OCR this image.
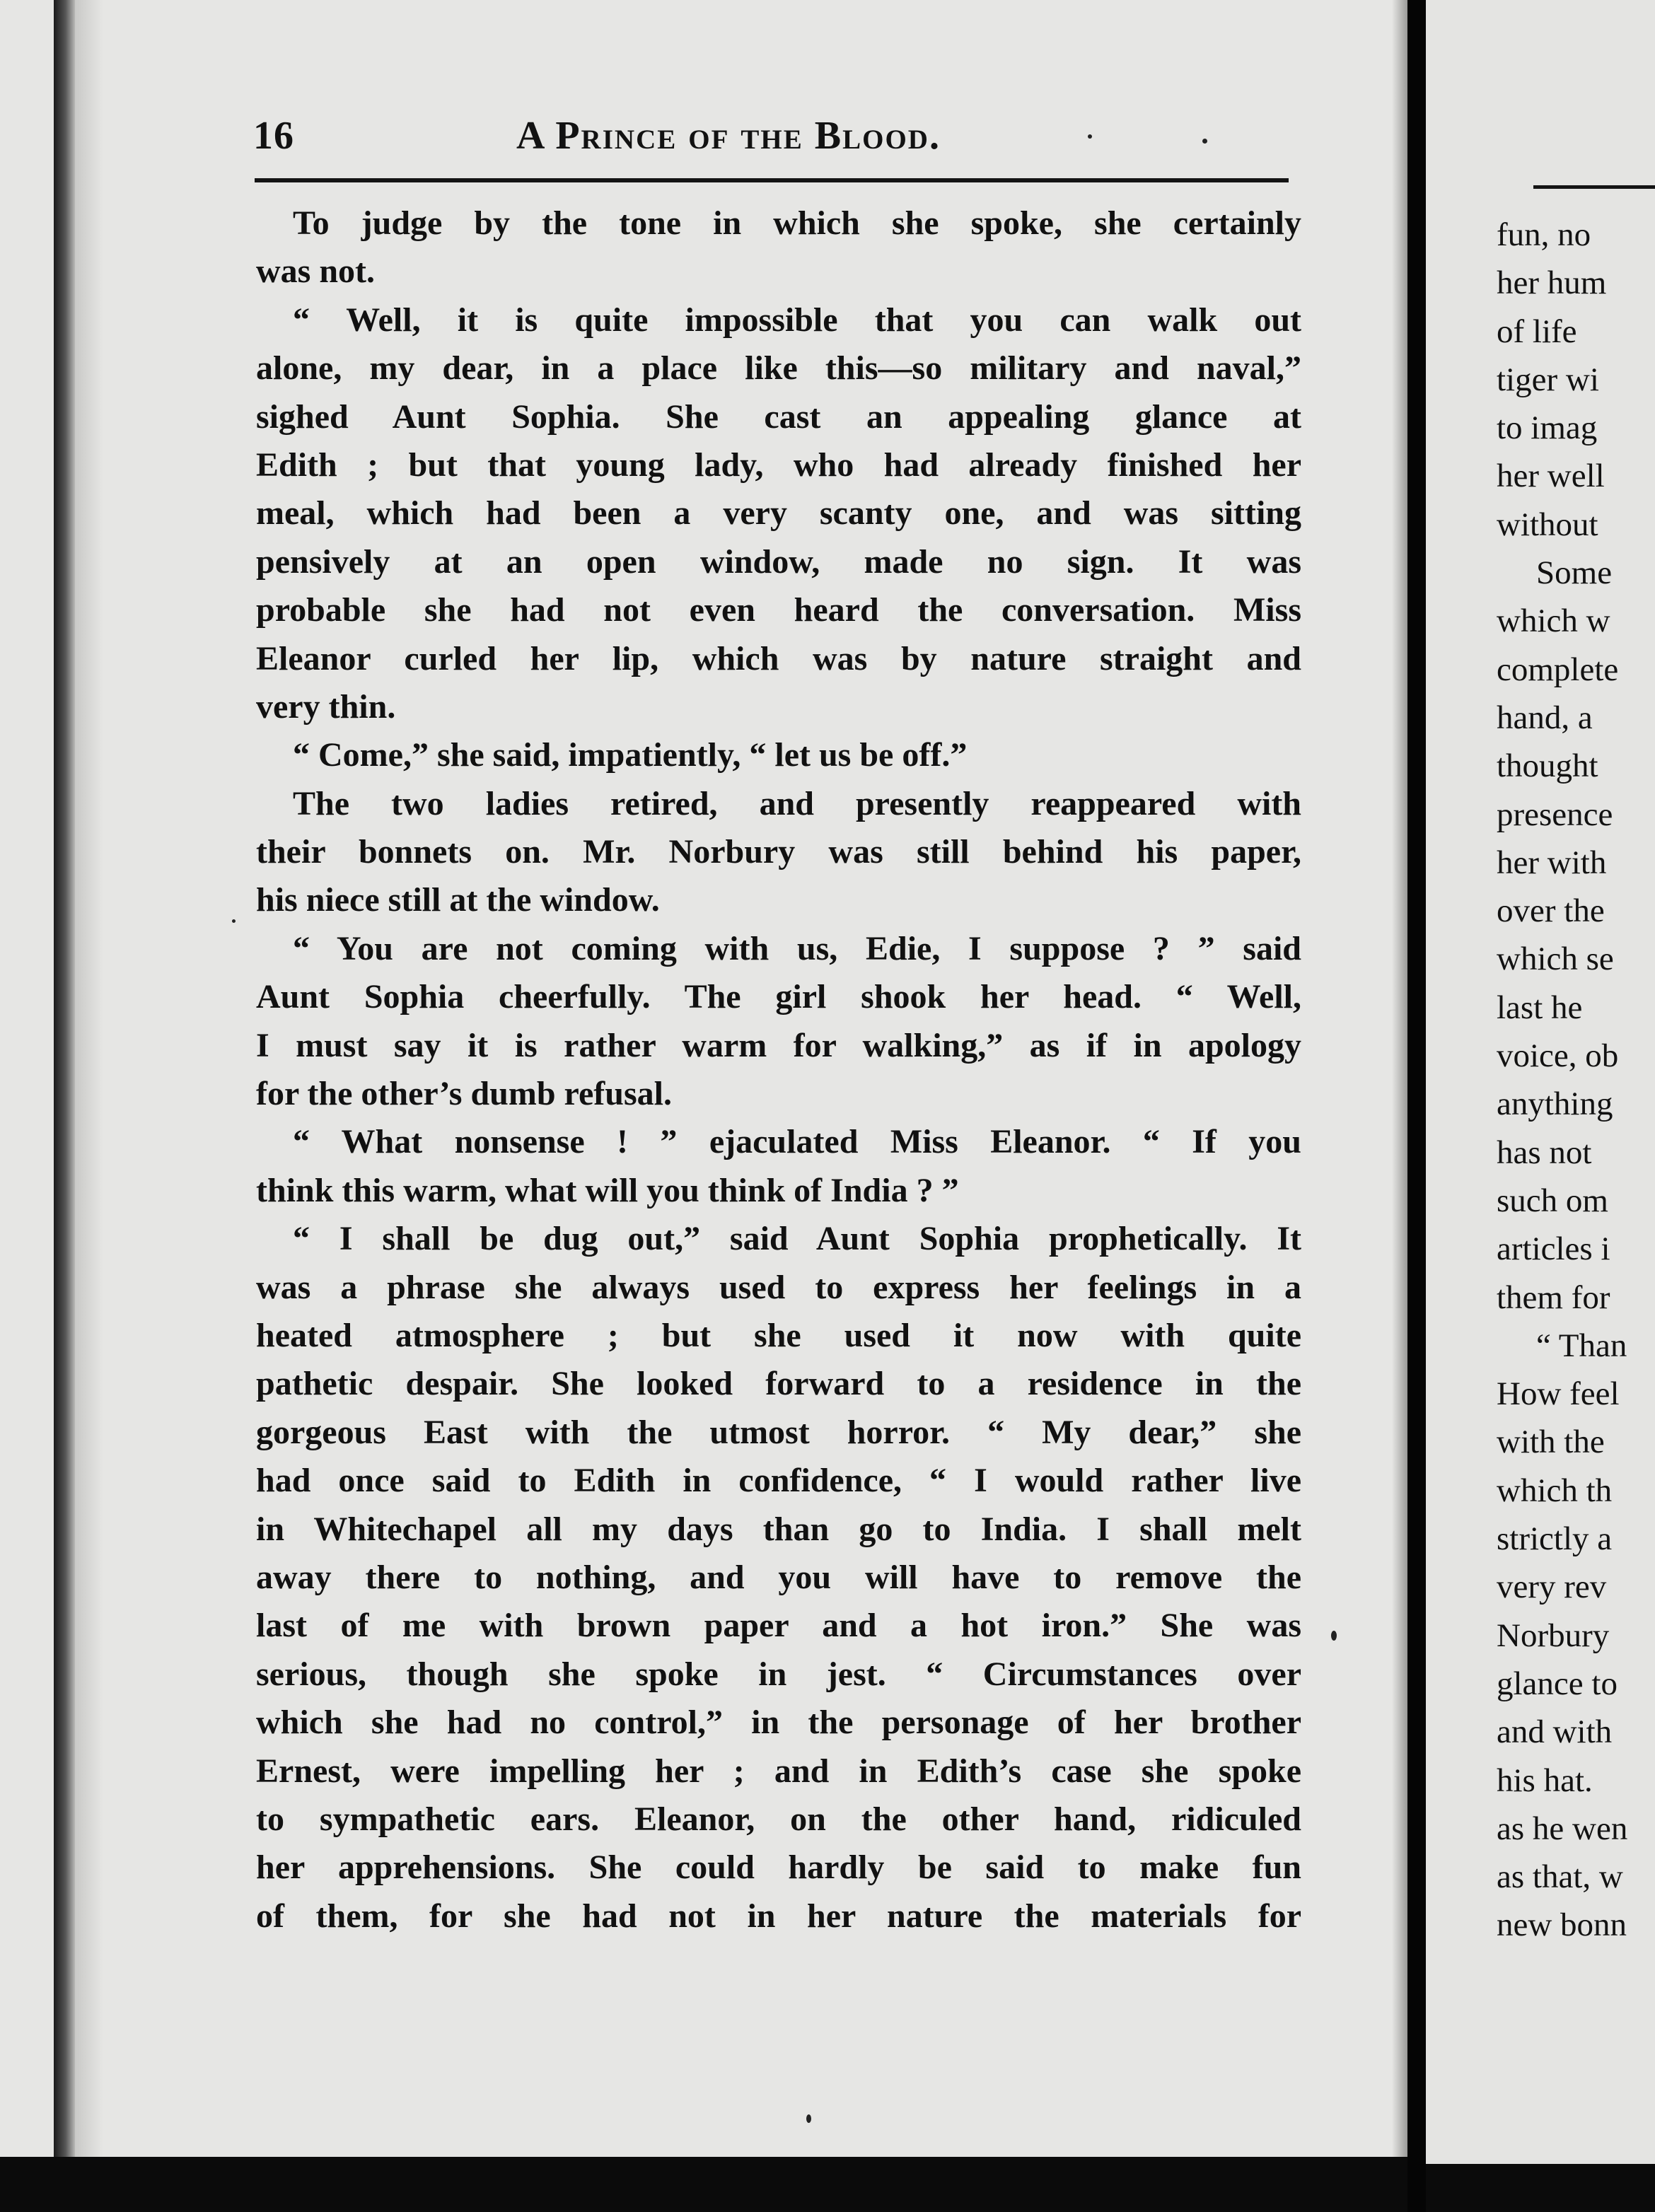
16	A Prince of the Blood.
To judge by the tone in which she spoke, she certainly
was not.
“ Well, it is quite impossible that you can walk out
alone, my dear, in a place like this—so military and naval,”
sighed Aunt Sophia. She cast an appealing glance at
Edith ; but that young lady, who had already finished her
meal, which had been a very scanty one, and was sitting
pensively at an open window, made no sign. It was
probable she had not even heard the conversation. Miss
Eleanor curled her lip, which was by nature straight and
very thin.
“ Come,” she said, impatiently, “ let us be off.”
The two ladies retired, and presently reappeared with
their bonnets on. Mr. Norbury was still behind his paper,
his niece still at the window.
“ You are not coming with us, Edie, I suppose ? ” said
Aunt Sophia cheerfully. The girl shook her head. “ Well,
I must say it is rather warm for walking,” as if in apology
for the other’s dumb refusal.
“ What nonsense ! ” ejaculated Miss Eleanor. “ If you
think this warm, what will you think of India ? ”
“ I shall be dug out,” said Aunt Sophia prophetically. It
was a phrase she always used to express her feelings in a
heated atmosphere ; but she used it now with quite
pathetic despair. She looked forward to a residence in the
gorgeous East with the utmost horror. “ My dear,” she
had once said to Edith in confidence, “ I would rather live
in Whitechapel all my days than go to India. I shall melt
away there to nothing, and you will have to remove the
last of me with brown paper and a hot iron.” She was
serious, though she spoke in jest. “ Circumstances over
which she had no control,” in the personage of her brother
Ernest, were impelling her ; and in Edith’s case she spoke
to sympathetic ears. Eleanor, on the other hand, ridiculed
her apprehensions. She could hardly be said to make fun
of them, for she had not in her nature the materials for
fun, no
her hum
of life
tiger wi
to imag
her well
without
Some
which w
complete
hand, a
thought
presence
her with
over the
which se
last he
voice, ob
anything
has not
such om
articles i
them for
“ Than
How feel
with the
which th
strictly a
very rev
Norbury
glance to
and with
his hat.
as he wen
as that, w
new bonn
